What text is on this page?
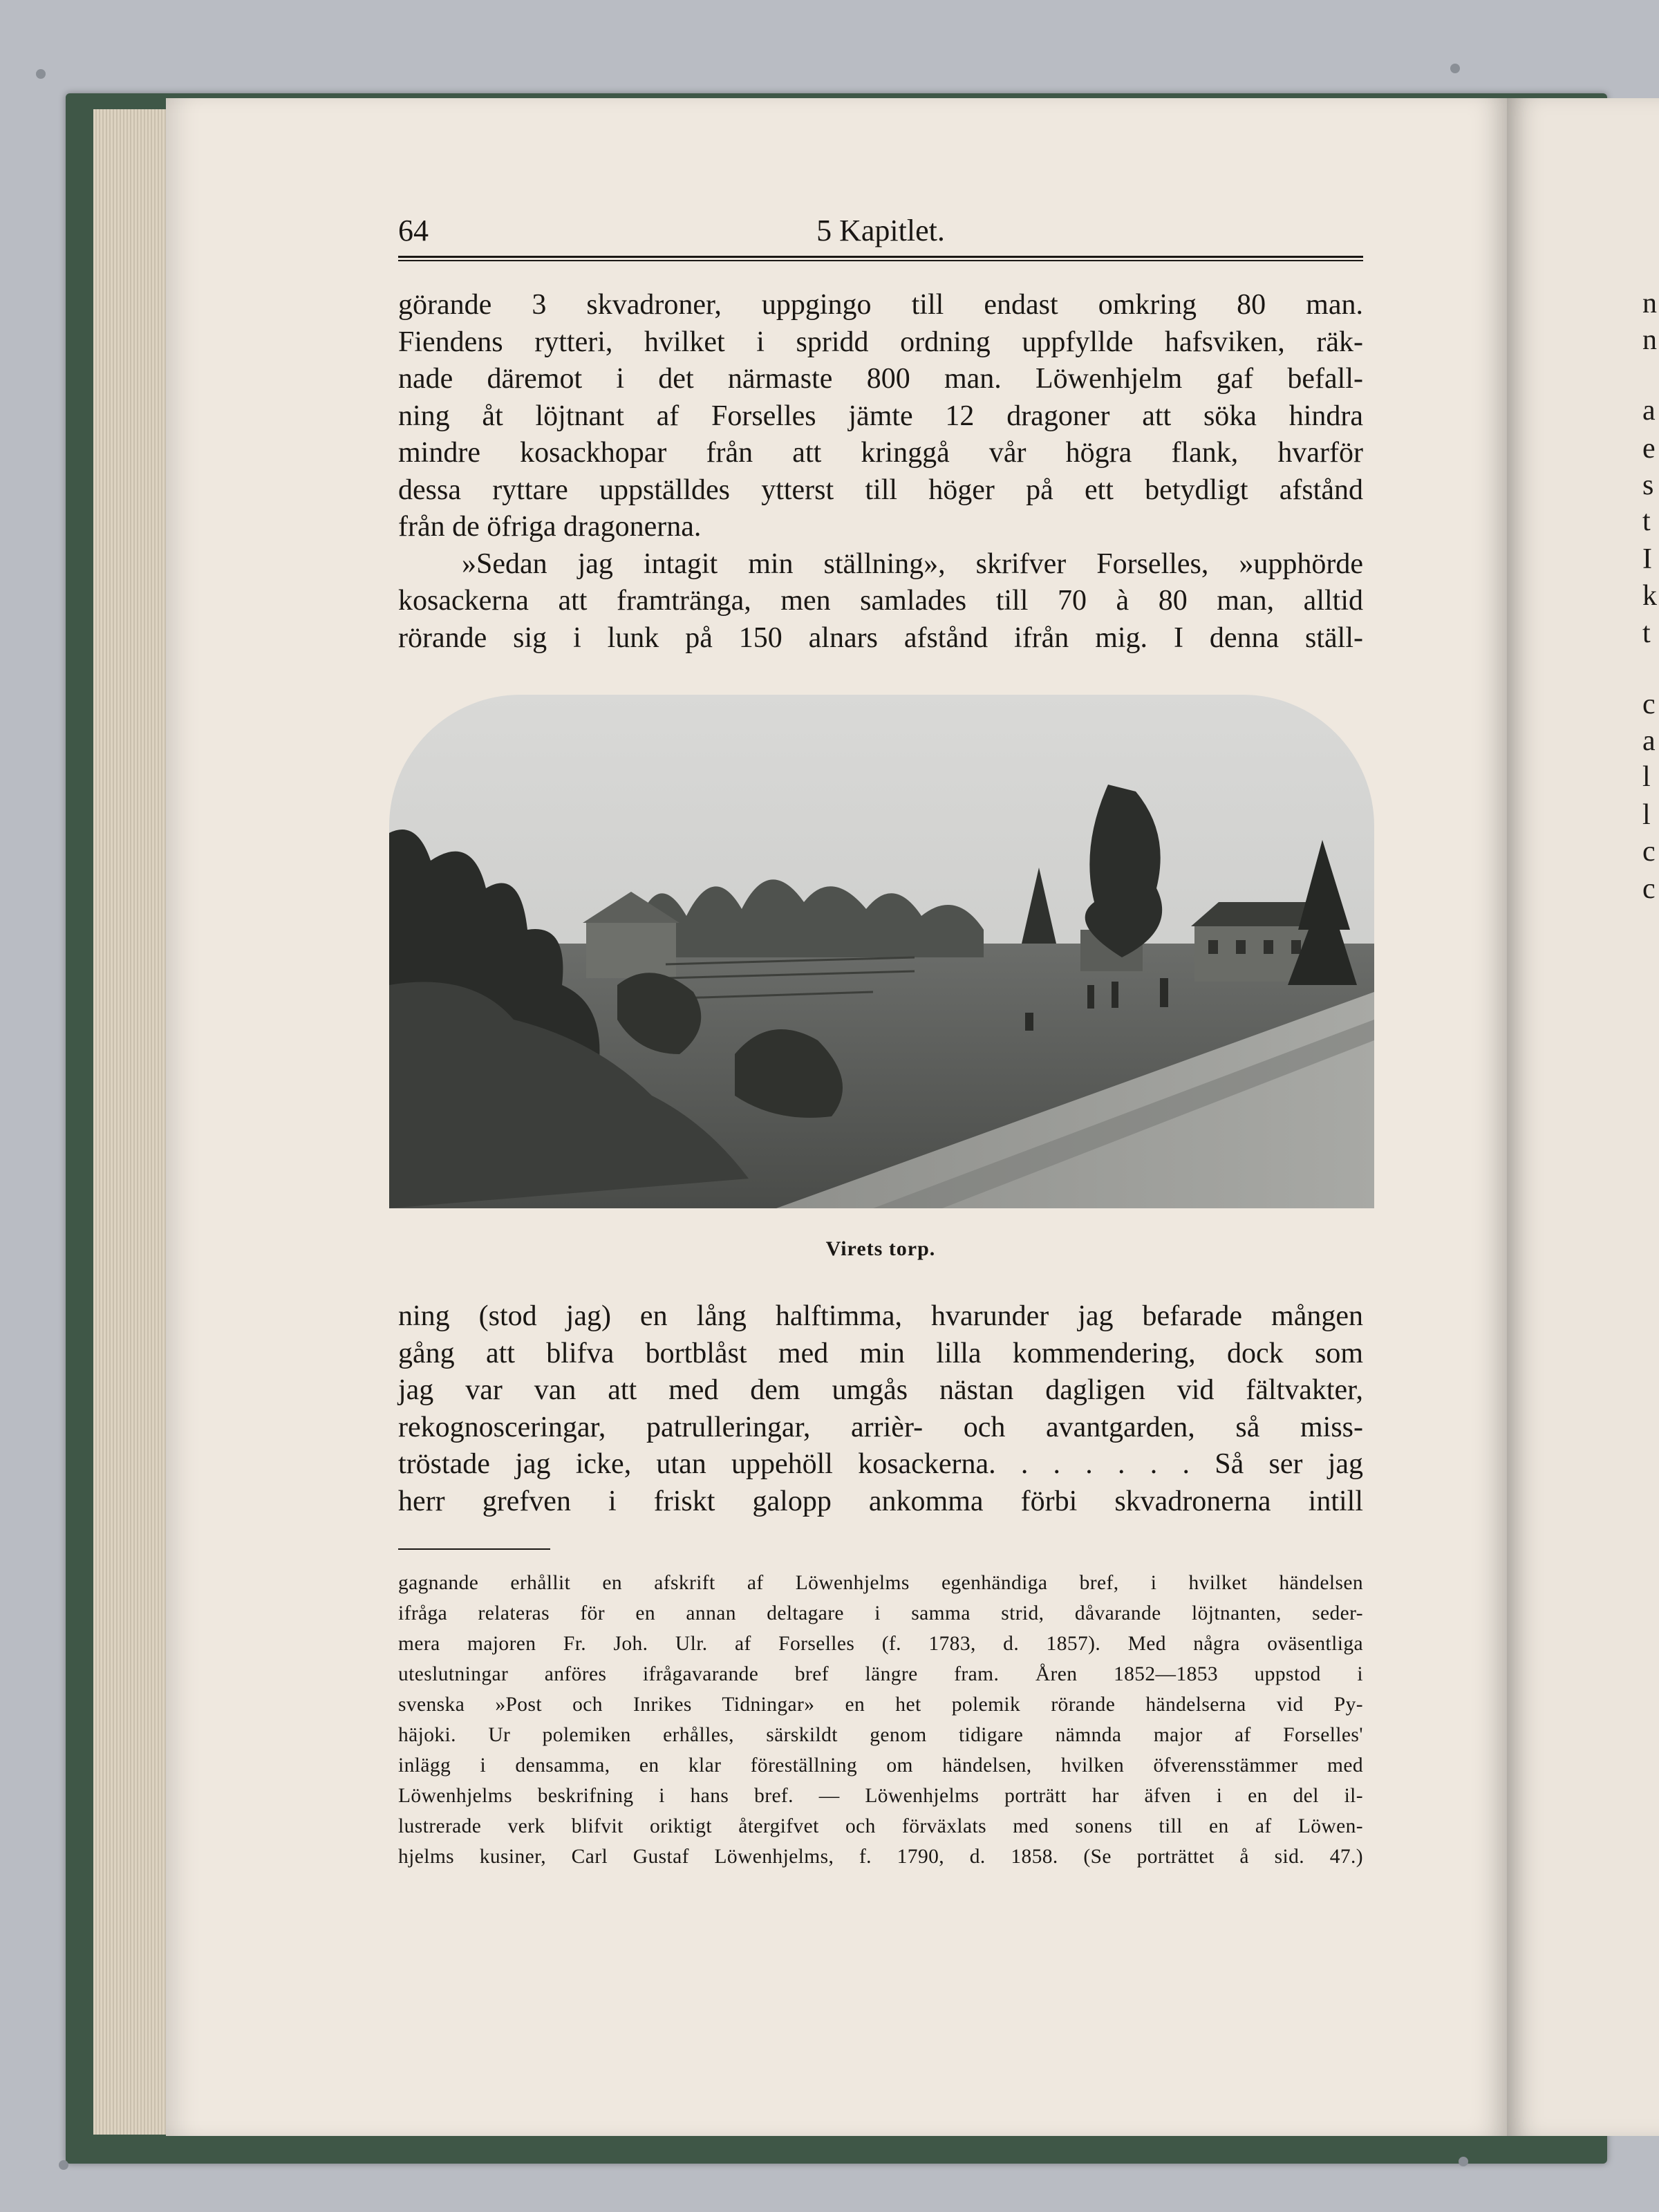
n
n
a
e
s
t
I
k
t
c
a
l
l
c
c
64	5 Kapitlet.
görande 3 skvadroner, uppgingo till endast omkring 80 man.
Fiendens rytteri, hvilket i spridd ordning uppfyllde hafsviken, räk-
nade däremot i det närmaste 800 man. Löwenhjelm gaf befall-
ning åt löjtnant af Forselles jämte 12 dragoner att söka hindra
mindre kosackhopar från att kringgå vår högra flank, hvarför
dessa ryttare uppställdes ytterst till höger på ett betydligt afstånd
från de öfriga dragonerna.
»Sedan jag intagit min ställning», skrifver Forselles, »upphörde
kosackerna att framtränga, men samlades till 70 à 80 man, alltid
rörande sig i lunk på 150 alnars afstånd ifrån mig. I denna ställ-
Virets torp.
ning (stod jag) en lång halftimma, hvarunder jag befarade mången
gång att blifva bortblåst med min lilla kommendering, dock som
jag var van att med dem umgås nästan dagligen vid fältvakter,
rekognosceringar, patrulleringar, arrièr- och avantgarden, så miss-
tröstade jag icke, utan uppehöll kosackerna. . . . . . . Så ser jag
herr grefven i friskt galopp ankomma förbi skvadronerna intill
gagnande erhållit en afskrift af Löwenhjelms egenhändiga bref, i hvilket händelsen
ifråga relateras för en annan deltagare i samma strid, dåvarande löjtnanten, seder-
mera majoren Fr. Joh. Ulr. af Forselles (f. 1783, d. 1857). Med några oväsentliga
uteslutningar anföres ifrågavarande bref längre fram. Åren 1852—1853 uppstod i
svenska »Post och Inrikes Tidningar» en het polemik rörande händelserna vid Py-
häjoki. Ur polemiken erhålles, särskildt genom tidigare nämnda major af Forselles'
inlägg i densamma, en klar föreställning om händelsen, hvilken öfverensstämmer med
Löwenhjelms beskrifning i hans bref. — Löwenhjelms porträtt har äfven i en del il-
lustrerade verk blifvit oriktigt återgifvet och förväxlats med sonens till en af Löwen-
hjelms kusiner, Carl Gustaf Löwenhjelms, f. 1790, d. 1858. (Se porträttet å sid. 47.)
